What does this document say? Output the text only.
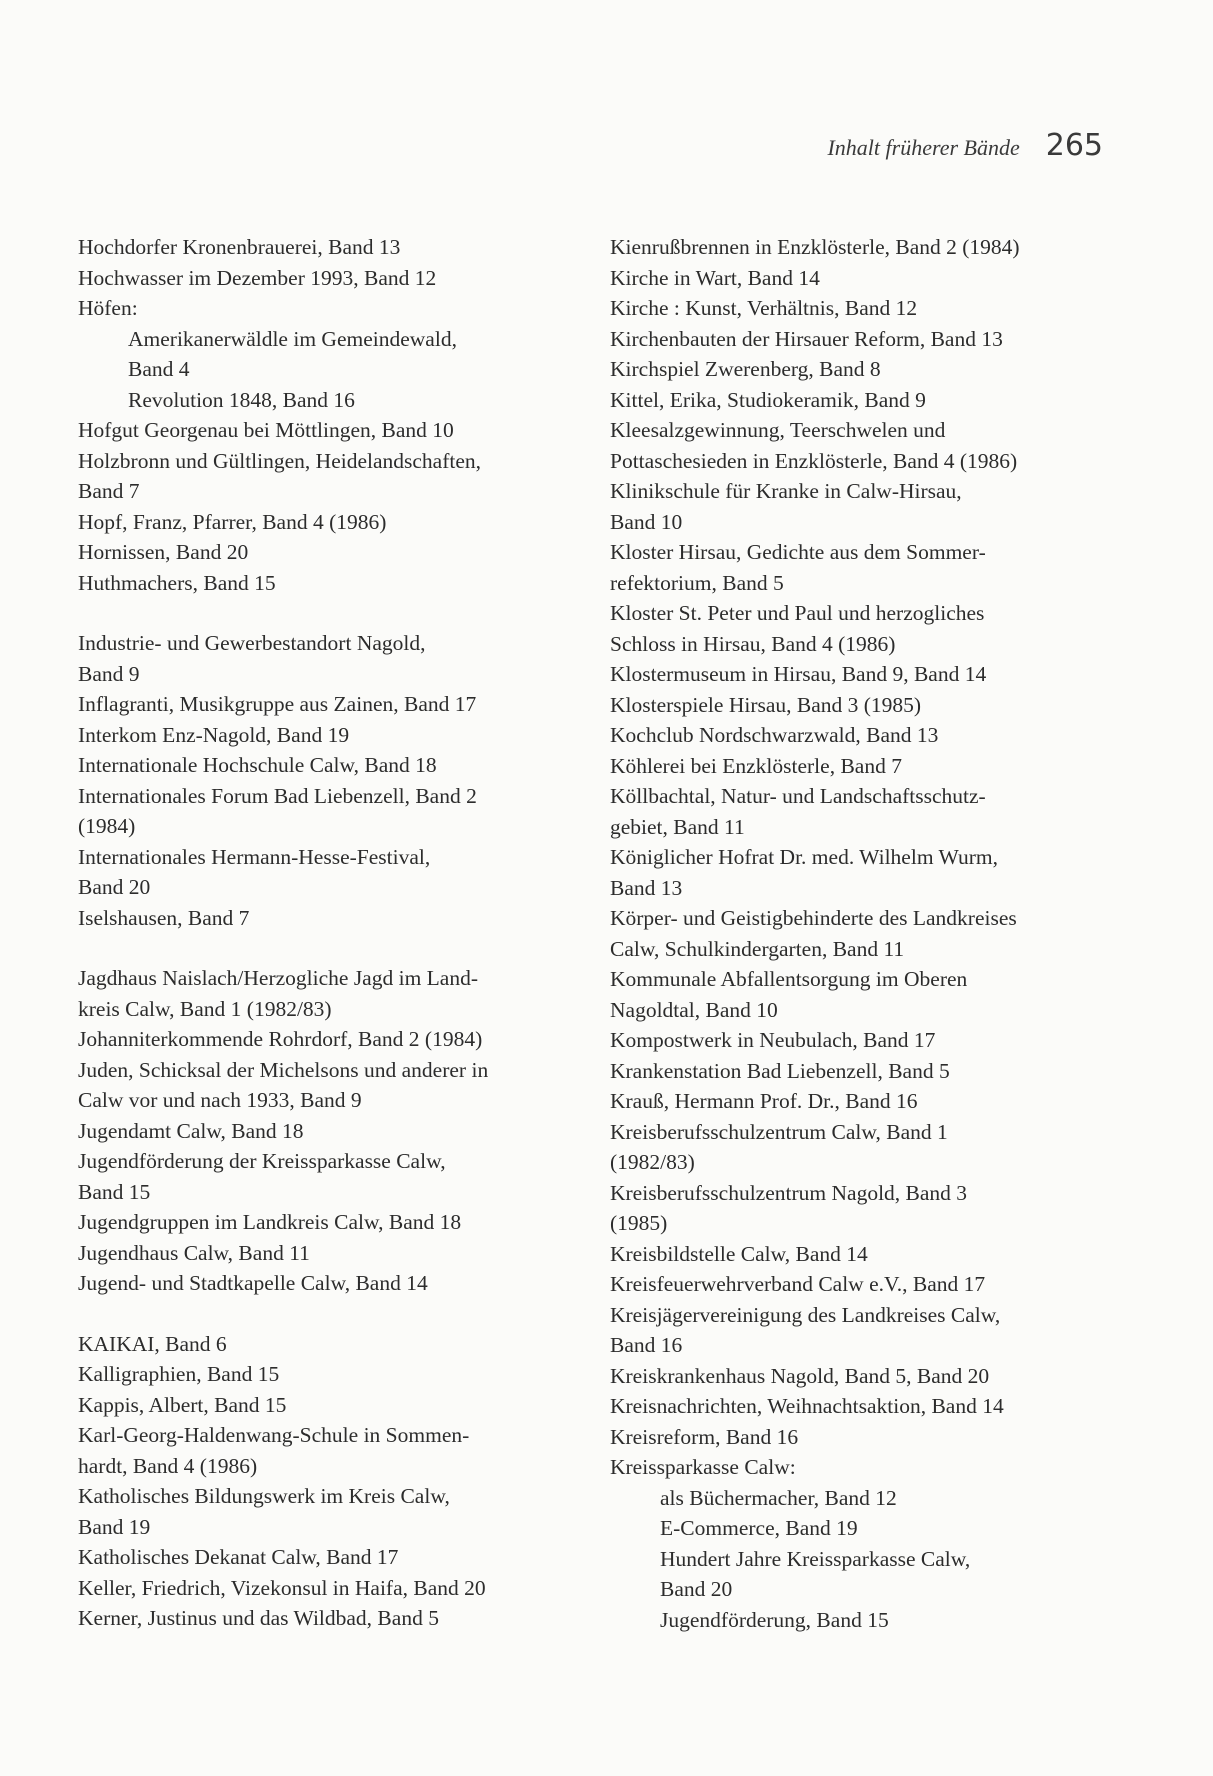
Inhalt früherer Bände 265

Hochdorfer Kronenbrauerei, Band 13

Hochwasser im Dezember 1993, Band 12

Höfen:

Amerikanerwäldle im Gemeindewald,

Band 4

Revolution 1848, Band 16

Hofgut Georgenau bei Möttlingen, Band 10

Holzbronn und Gültlingen, Heidelandschaften,

Band 7

Hopf, Franz, Pfarrer, Band 4 (1986)

Hornissen, Band 20

Huthmachers, Band 15

Industrie- und Gewerbestandort Nagold,

Band 9

Inflagranti, Musikgruppe aus Zainen, Band 17

Interkom Enz-Nagold, Band 19

Internationale Hochschule Calw, Band 18

Internationales Forum Bad Liebenzell, Band 2

(1984)

Internationales Hermann-Hesse-Festival,

Band 20

Iselshausen, Band 7

Jagdhaus Naislach/Herzogliche Jagd im Land-

kreis Calw, Band 1 (1982/83)

Johanniterkommende Rohrdorf, Band 2 (1984)

Juden, Schicksal der Michelsons und anderer in

Calw vor und nach 1933, Band 9

Jugendamt Calw, Band 18

Jugendförderung der Kreissparkasse Calw,

Band 15

Jugendgruppen im Landkreis Calw, Band 18

Jugendhaus Calw, Band 11

Jugend- und Stadtkapelle Calw, Band 14

KAIKAI, Band 6

Kalligraphien, Band 15

Kappis, Albert, Band 15

Karl-Georg-Haldenwang-Schule in Sommen-

hardt, Band 4 (1986)

Katholisches Bildungswerk im Kreis Calw,

Band 19

Katholisches Dekanat Calw, Band 17

Keller, Friedrich, Vizekonsul in Haifa, Band 20

Kerner, Justinus und das Wildbad, Band 5

Kienrußbrennen in Enzklösterle, Band 2 (1984)

Kirche in Wart, Band 14

Kirche : Kunst, Verhältnis, Band 12

Kirchenbauten der Hirsauer Reform, Band 13

Kirchspiel Zwerenberg, Band 8

Kittel, Erika, Studiokeramik, Band 9

Kleesalzgewinnung, Teerschwelen und

Pottaschesieden in Enzklösterle, Band 4 (1986)

Klinikschule für Kranke in Calw-Hirsau,

Band 10

Kloster Hirsau, Gedichte aus dem Sommer-

refektorium, Band 5

Kloster St. Peter und Paul und herzogliches

Schloss in Hirsau, Band 4 (1986)

Klostermuseum in Hirsau, Band 9, Band 14

Klosterspiele Hirsau, Band 3 (1985)

Kochclub Nordschwarzwald, Band 13

Köhlerei bei Enzklösterle, Band 7

Köllbachtal, Natur- und Landschaftsschutz-

gebiet, Band 11

Königlicher Hofrat Dr. med. Wilhelm Wurm,

Band 13

Körper- und Geistigbehinderte des Landkreises

Calw, Schulkindergarten, Band 11

Kommunale Abfallentsorgung im Oberen

Nagoldtal, Band 10

Kompostwerk in Neubulach, Band 17

Krankenstation Bad Liebenzell, Band 5

Krauß, Hermann Prof. Dr., Band 16

Kreisberufsschulzentrum Calw, Band 1

(1982/83)

Kreisberufsschulzentrum Nagold, Band 3

(1985)

Kreisbildstelle Calw, Band 14

Kreisfeuerwehrverband Calw e.V., Band 17

Kreisjägervereinigung des Landkreises Calw,

Band 16

Kreiskrankenhaus Nagold, Band 5, Band 20

Kreisnachrichten, Weihnachtsaktion, Band 14

Kreisreform, Band 16

Kreissparkasse Calw:

als Büchermacher, Band 12

E-Commerce, Band 19

Hundert Jahre Kreissparkasse Calw,

Band 20

Jugendförderung, Band 15
